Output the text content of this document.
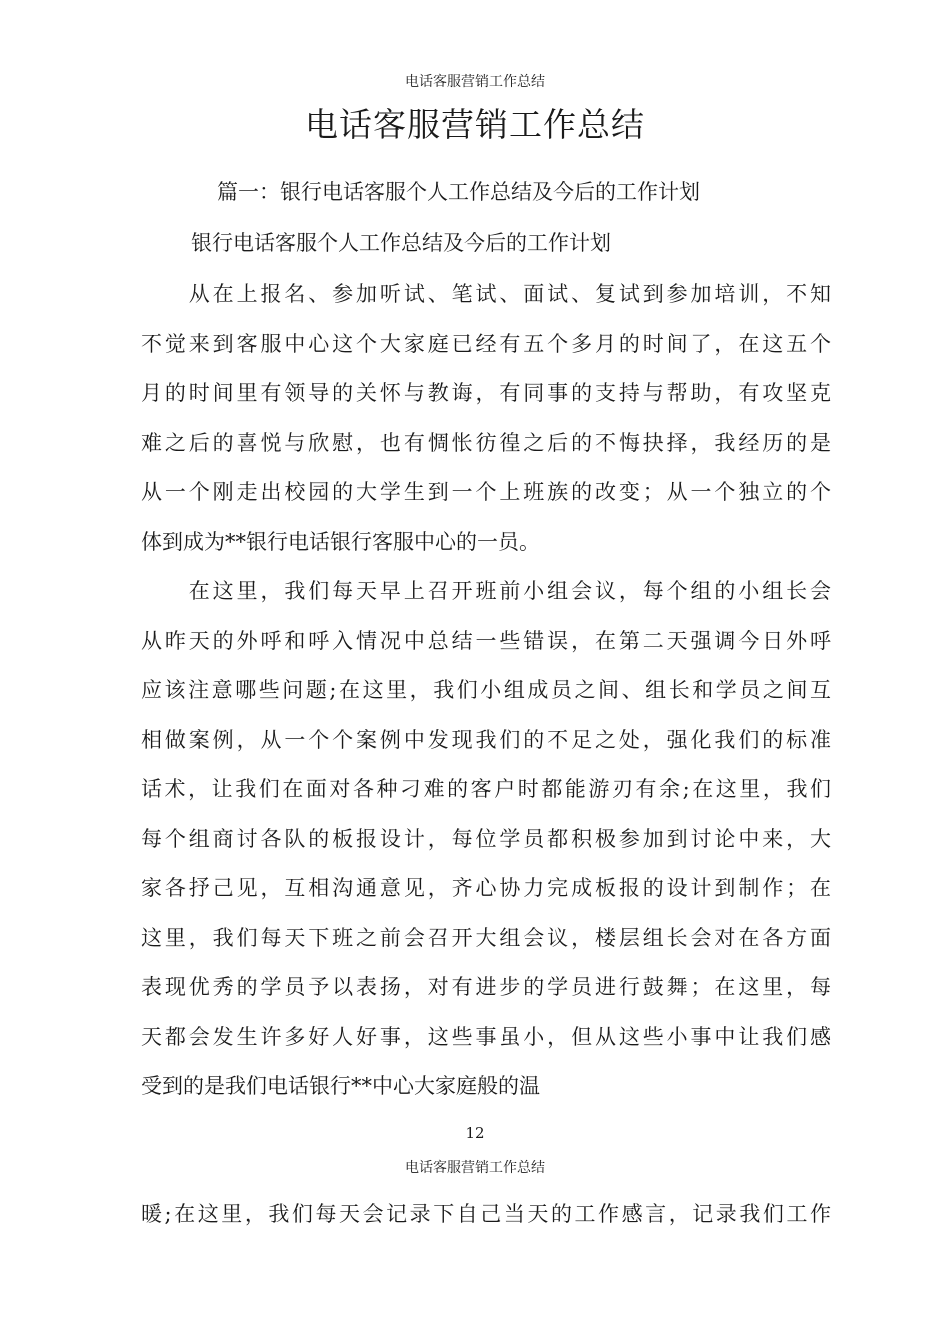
电话客服营销工作总结
电话客服营销工作总结
篇一：银行电话客服个人工作总结及今后的工作计划
银行电话客服个人工作总结及今后的工作计划
　　从在上报名、参加听试、笔试、面试、复试到参加培训，不知
不觉来到客服中心这个大家庭已经有五个多月的时间了，在这五个
月的时间里有领导的关怀与教诲，有同事的支持与帮助，有攻坚克
难之后的喜悦与欣慰，也有惆怅彷徨之后的不悔抉择，我经历的是
从一个刚走出校园的大学生到一个上班族的改变；从一个独立的个
体到成为**银行电话银行客服中心的一员。
　　在这里，我们每天早上召开班前小组会议，每个组的小组长会
从昨天的外呼和呼入情况中总结一些错误，在第二天强调今日外呼
应该注意哪些问题;在这里，我们小组成员之间、组长和学员之间互
相做案例，从一个个案例中发现我们的不足之处，强化我们的标准
话术，让我们在面对各种刁难的客户时都能游刃有余;在这里，我们
每个组商讨各队的板报设计，每位学员都积极参加到讨论中来，大
家各抒己见，互相沟通意见，齐心协力完成板报的设计到制作；在
这里，我们每天下班之前会召开大组会议，楼层组长会对在各方面
表现优秀的学员予以表扬，对有进步的学员进行鼓舞；在这里，每
天都会发生许多好人好事，这些事虽小，但从这些小事中让我们感
受到的是我们电话银行**中心大家庭般的温
12
电话客服营销工作总结
暖;在这里，我们每天会记录下自己当天的工作感言，记录我们工作
